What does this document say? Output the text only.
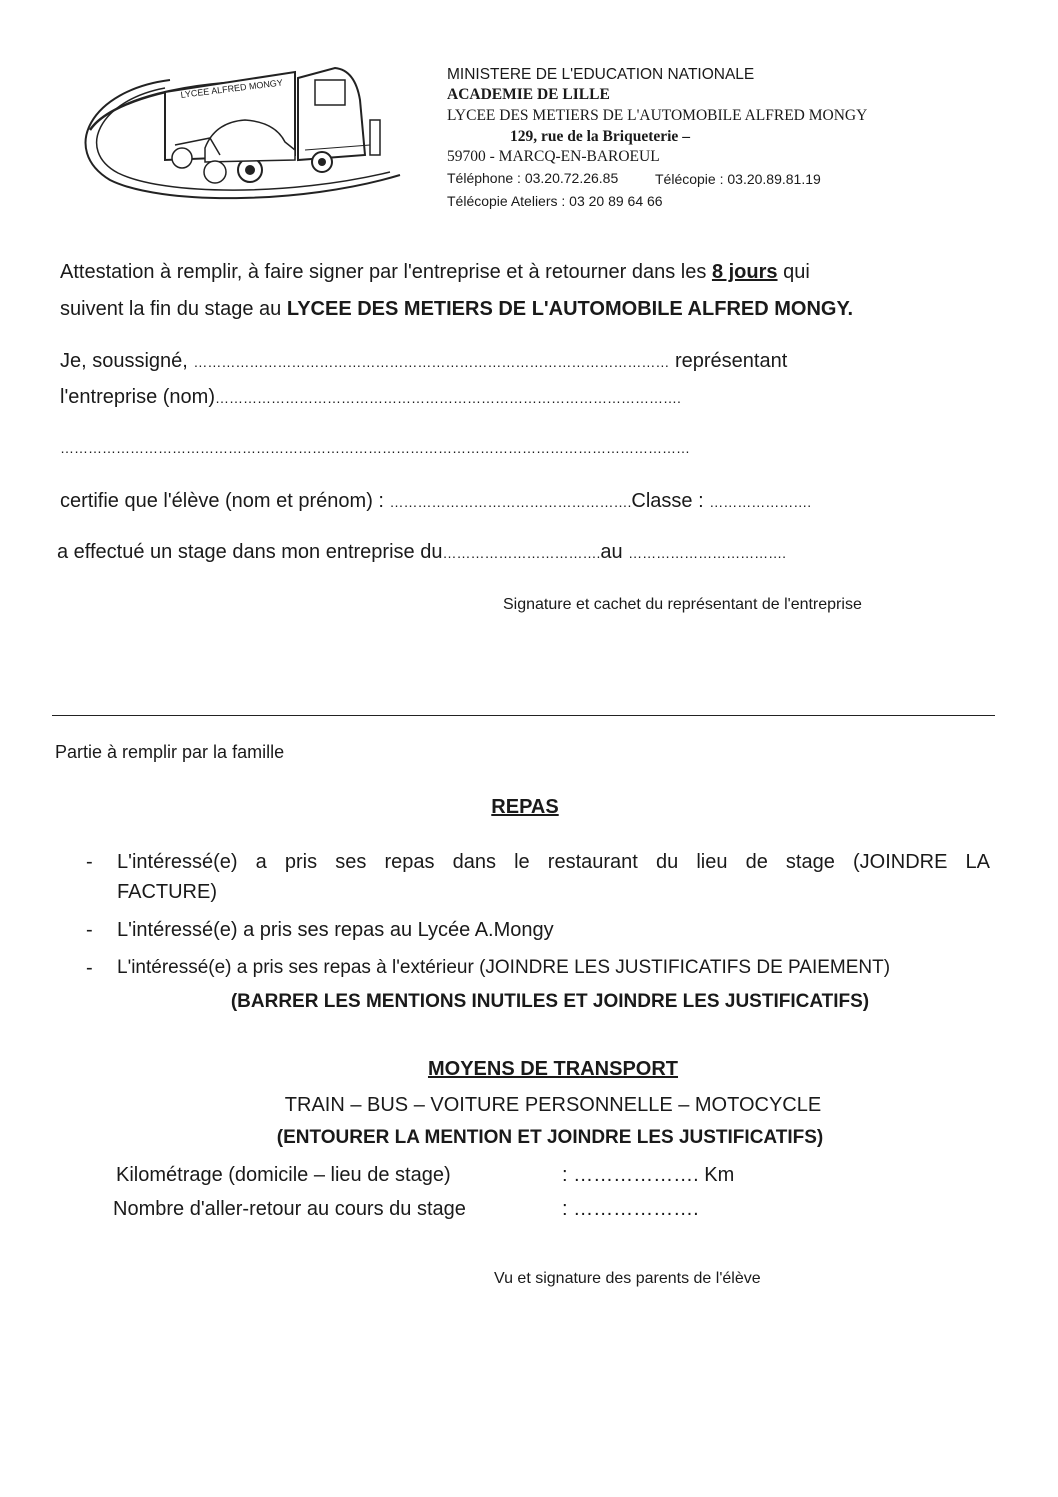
LYCEE ALFRED MONGY
MINISTERE DE L'EDUCATION NATIONALE
ACADEMIE DE LILLE
LYCEE DES METIERS DE L'AUTOMOBILE ALFRED MONGY
129, rue de la Briqueterie –
59700 - MARCQ-EN-BAROEUL
Téléphone : 03.20.72.26.85	Télécopie : 03.20.89.81.19
Télécopie Ateliers : 03 20 89 64 66
Attestation à remplir, à faire signer par l'entreprise et à retourner dans les 8 jours qui
suivent la fin du stage au LYCEE DES METIERS DE L'AUTOMOBILE ALFRED MONGY.
Je, soussigné, ………………………………………………………………………………………… représentant
l'entreprise (nom)……………………………………………………………………………………….
………………………………………………………………………………………………………………………
certifie que l'élève (nom et prénom) : …………………………………………….Classe : ………………….
a effectué un stage dans mon entreprise du…………………………….au …………………………….
Signature et cachet du représentant de l'entreprise
Partie à remplir par la famille
REPAS
- L'intéressé(e) a pris ses repas dans le restaurant du lieu de stage (JOINDRE LA
FACTURE)
- L'intéressé(e) a pris ses repas au Lycée A.Mongy
- L'intéressé(e) a pris ses repas à l'extérieur (JOINDRE LES JUSTIFICATIFS DE PAIEMENT)
(BARRER LES MENTIONS INUTILES ET JOINDRE LES JUSTIFICATIFS)
MOYENS DE TRANSPORT
TRAIN – BUS – VOITURE PERSONNELLE – MOTOCYCLE
(ENTOURER LA MENTION ET JOINDRE LES JUSTIFICATIFS)
Kilométrage (domicile – lieu de stage)	: ………………. Km
Nombre d'aller-retour au cours du stage	: ……………….
Vu et signature des parents de l'élève
